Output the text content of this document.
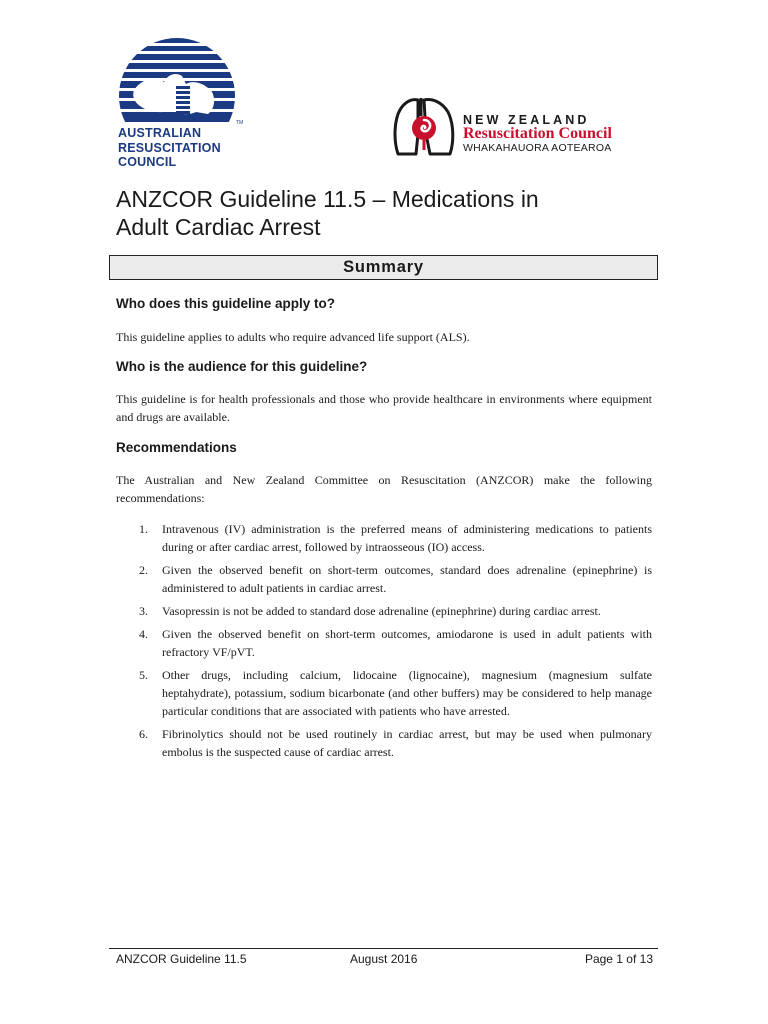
AUSTRALIAN
RESUSCITATION
COUNCIL
TM	NEW ZEALAND
Resuscitation Council
WHAKAHAUORA AOTEAROA
ANZCOR Guideline 11.5 – Medications in
Adult Cardiac Arrest
Summary
Who does this guideline apply to?
This guideline applies to adults who require advanced life support (ALS).
Who is the audience for this guideline?
This guideline is for health professionals and those who provide healthcare in environments where equipment and drugs are available.
Recommendations
The Australian and New Zealand Committee on Resuscitation (ANZCOR) make the following recommendations:
1. Intravenous (IV) administration is the preferred means of administering medications to patients during or after cardiac arrest, followed by intraosseous (IO) access.
2. Given the observed benefit on short-term outcomes, standard does adrenaline (epinephrine) is administered to adult patients in cardiac arrest.
3. Vasopressin is not be added to standard dose adrenaline (epinephrine) during cardiac arrest.
4. Given the observed benefit on short-term outcomes, amiodarone is used in adult patients with refractory VF/pVT.
5. Other drugs, including calcium, lidocaine (lignocaine), magnesium (magnesium sulfate heptahydrate), potassium, sodium bicarbonate (and other buffers) may be considered to help manage particular conditions that are associated with patients who have arrested.
6. Fibrinolytics should not be used routinely in cardiac arrest, but may be used when pulmonary embolus is the suspected cause of cardiac arrest.
ANZCOR Guideline 11.5	August 2016	Page 1 of 13
